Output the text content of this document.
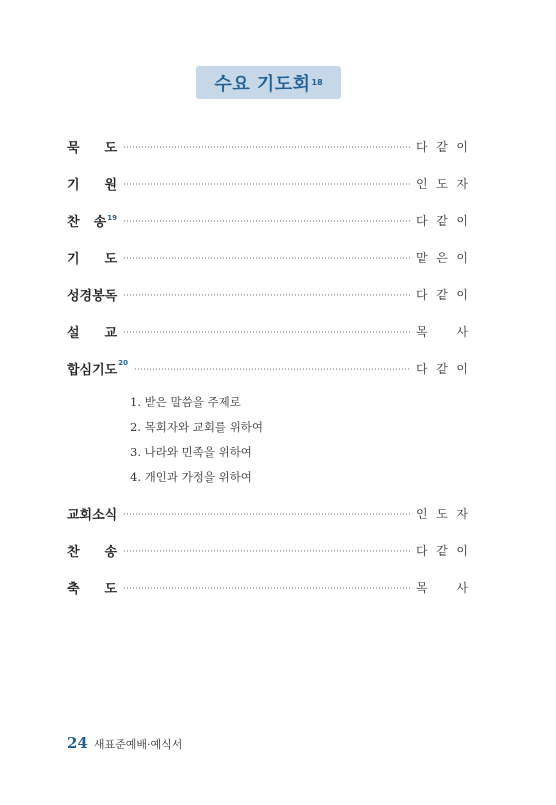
수요 기도회 18
묵 도	다 같 이
기 원	인 도 자
찬 송$^{19}$	다 같 이
기 도	맡 은 이
성경봉독	다 같 이
설 교	목 사
합심기도 20	다 같 이
1. 받은 말씀을 주제로
2. 목회자와 교회를 위하여
3. 나라와 민족을 위하여
4. 개인과 가정을 위하여
교회소식	인 도 자
찬 송	다 같 이
축 도	목 사
24 새표준예배·예식서
